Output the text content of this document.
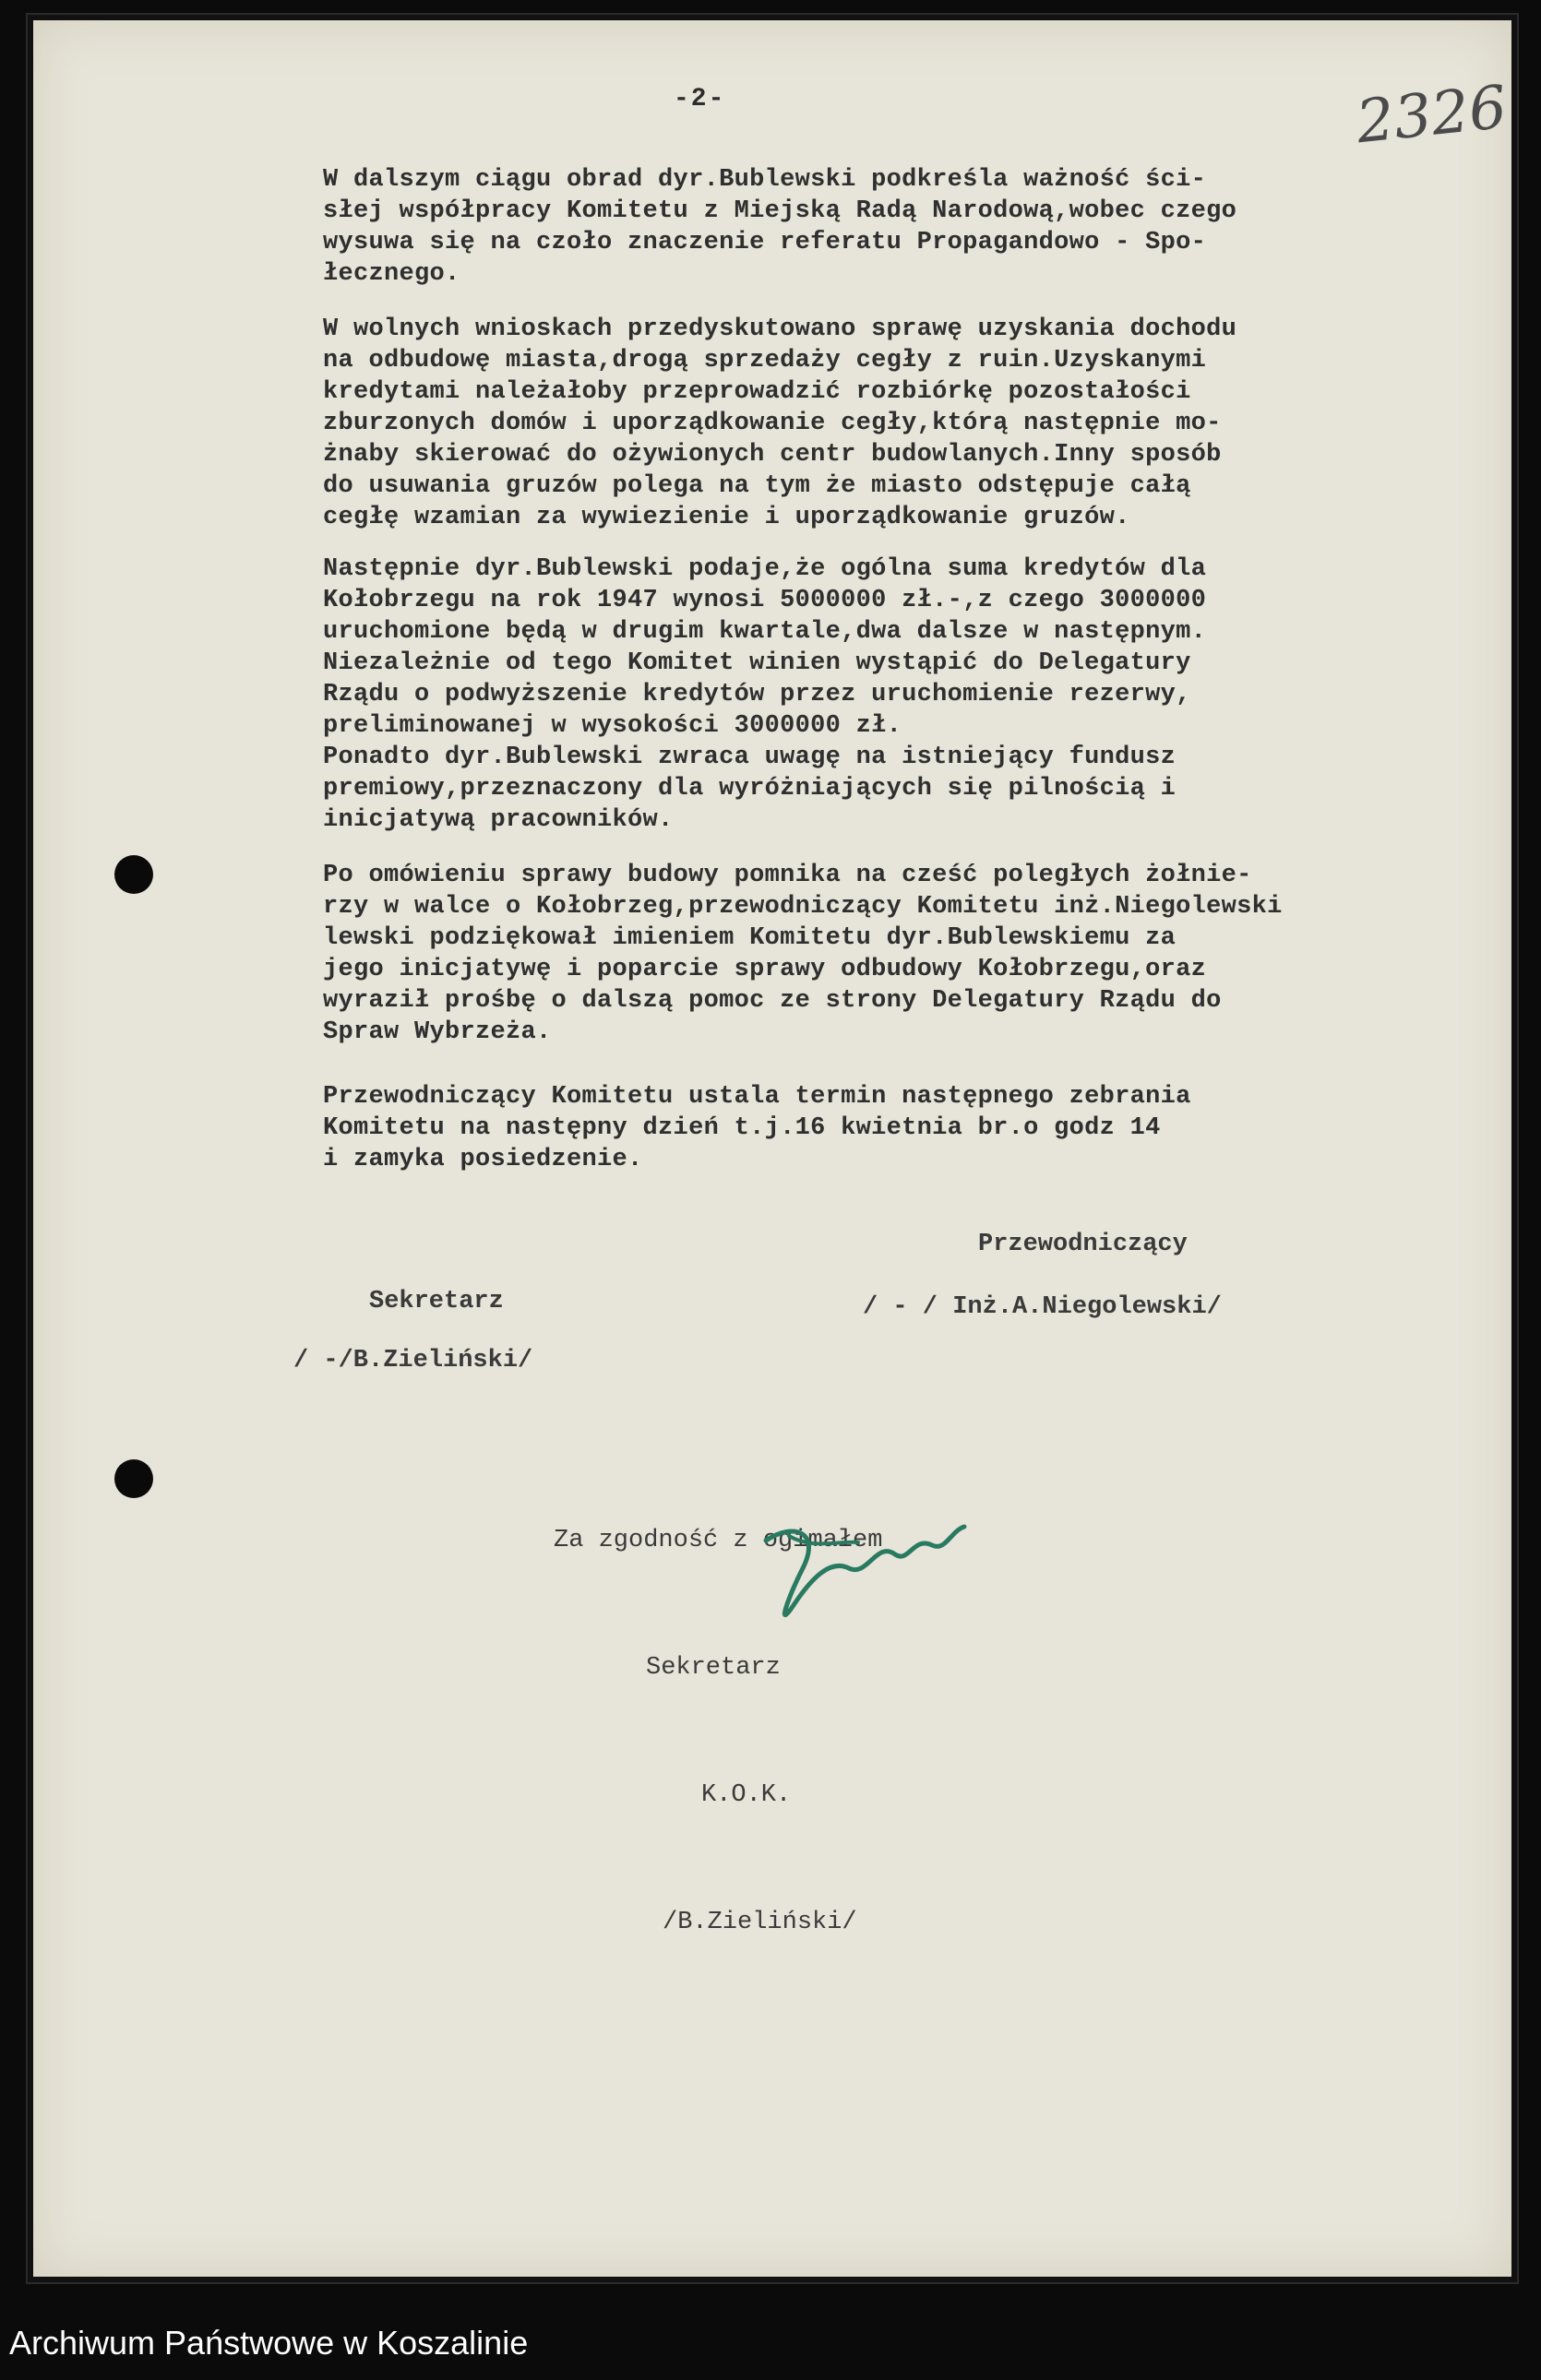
-2-	2326

W dalszym ciągu obrad dyr.Bublewski podkreśla ważność ści-
słej współpracy Komitetu z Miejską Radą Narodową,wobec czego
wysuwa się na czoło znaczenie referatu Propagandowo - Spo-
łecznego.

W wolnych wnioskach przedyskutowano sprawę uzyskania dochodu
na odbudowę miasta,drogą sprzedaży cegły z ruin.Uzyskanymi
kredytami należałoby przeprowadzić rozbiórkę pozostałości
zburzonych domów i uporządkowanie cegły,którą następnie mo-
żnaby skierować do ożywionych centr budowlanych.Inny sposób
do usuwania gruzów polega na tym że miasto odstępuje całą
cegłę wzamian za wywiezienie i uporządkowanie gruzów.

Następnie dyr.Bublewski podaje,że ogólna suma kredytów dla
Kołobrzegu na rok 1947 wynosi 5000000 zł.-,z czego 3000000
uruchomione będą w drugim kwartale,dwa dalsze w następnym.
Niezależnie od tego Komitet winien wystąpić do Delegatury
Rządu o podwyższenie kredytów przez uruchomienie rezerwy,
preliminowanej w wysokości 3000000 zł.
Ponadto dyr.Bublewski zwraca uwagę na istniejący fundusz
premiowy,przeznaczony dla wyróżniających się pilnością i
inicjatywą pracowników.

Po omówieniu sprawy budowy pomnika na cześć poległych żołnie-
rzy w walce o Kołobrzeg,przewodniczący Komitetu inż.Niegolewski
lewski podziękował imieniem Komitetu dyr.Bublewskiemu za
jego inicjatywę i poparcie sprawy odbudowy Kołobrzegu,oraz
wyraził prośbę o dalszą pomoc ze strony Delegatury Rządu do
Spraw Wybrzeża.

Przewodniczący Komitetu ustala termin następnego zebrania
Komitetu na następny dzień t.j.16 kwietnia br.o godz 14
i zamyka posiedzenie.

Przewodniczący
/ - / Inż.A.Niegolewski/
Sekretarz
/ -/B.Zieliński/

Za zgodność z ogimałem

Sekretarz

K.O.K.

/B.Zieliński/

Archiwum Państwowe w Koszalinie
